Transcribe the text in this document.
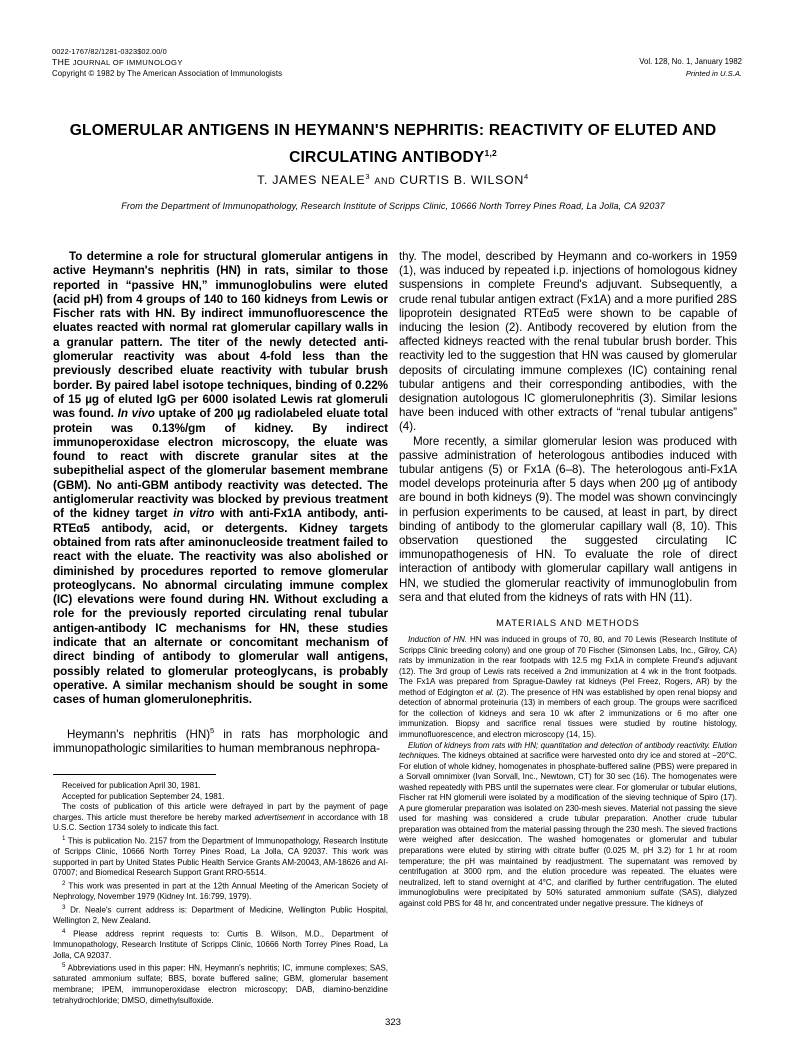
0022-1767/82/1281-0323$02.00/0
THE JOURNAL OF IMMUNOLOGY
Copyright © 1982 by The American Association of Immunologists
Vol. 128, No. 1, January 1982
Printed in U.S.A.
GLOMERULAR ANTIGENS IN HEYMANN'S NEPHRITIS: REACTIVITY OF ELUTED AND
CIRCULATING ANTIBODY$^{1,2}$
T. JAMES NEALE$^3$ AND CURTIS B. WILSON$^4$
From the Department of Immunopathology, Research Institute of Scripps Clinic, 10666 North Torrey Pines Road, La Jolla, CA 92037
To determine a role for structural glomerular antigens in active Heymann's nephritis (HN) in rats, similar to those reported in “passive HN,” immunoglobulins were eluted (acid pH) from 4 groups of 140 to 160 kidneys from Lewis or Fischer rats with HN. By indirect immunofluorescence the eluates reacted with normal rat glomerular capillary walls in a granular pattern. The titer of the newly detected anti-glomerular reactivity was about 4-fold less than the previously described eluate reactivity with tubular brush border. By paired label isotope techniques, binding of 0.22% of 15 µg of eluted IgG per 6000 isolated Lewis rat glomeruli was found. In vivo uptake of 200 µg radiolabeled eluate total protein was 0.13%/gm of kidney. By indirect immunoperoxidase electron microscopy, the eluate was found to react with discrete granular sites at the subepithelial aspect of the glomerular basement membrane (GBM). No anti-GBM antibody reactivity was detected. The antiglomerular reactivity was blocked by previous treatment of the kidney target in vitro with anti-Fx1A antibody, anti-RTEα5 antibody, acid, or detergents. Kidney targets obtained from rats after aminonucleoside treatment failed to react with the eluate. The reactivity was also abolished or diminished by procedures reported to remove glomerular proteoglycans. No abnormal circulating immune complex (IC) elevations were found during HN. Without excluding a role for the previously reported circulating renal tubular antigen-antibody IC mechanisms for HN, these studies indicate that an alternate or concomitant mechanism of direct binding of antibody to glomerular wall antigens, possibly related to glomerular proteoglycans, is probably operative. A similar mechanism should be sought in some cases of human glomerulonephritis.

Heymann's nephritis (HN)$^5$ in rats has morphologic and immunopathologic similarities to human membranous nephropa-

Received for publication April 30, 1981.

Accepted for publication September 24, 1981.

The costs of publication of this article were defrayed in part by the payment of page charges. This article must therefore be hereby marked advertisement in accordance with 18 U.S.C. Section 1734 solely to indicate this fact.

$^1$ This is publication No. 2157 from the Department of Immunopathology, Research Institute of Scripps Clinic, 10666 North Torrey Pines Road, La Jolla, CA 92037. This work was supported in part by United States Public Health Service Grants AM-20043, AM-18626 and AI-07007; and Biomedical Research Support Grant RRO-5514.

$^2$ This work was presented in part at the 12th Annual Meeting of the American Society of Nephrology, November 1979 (Kidney Int. 16:799, 1979).

$^3$ Dr. Neale's current address is: Department of Medicine, Wellington Public Hospital, Wellington 2, New Zealand.

$^4$ Please address reprint requests to: Curtis B. Wilson, M.D., Department of Immunopathology, Research Institute of Scripps Clinic, 10666 North Torrey Pines Road, La Jolla, CA 92037.

$^5$ Abbreviations used in this paper: HN, Heymann's nephritis; IC, immune complexes; SAS, saturated ammonium sulfate; BBS, borate buffered saline; GBM, glomerular basement membrane; IPEM, immunoperoxidase electron microscopy; DAB, diamino-benzidine tetrahydrochloride; DMSO, dimethylsulfoxide.

thy. The model, described by Heymann and co-workers in 1959 (1), was induced by repeated i.p. injections of homologous kidney suspensions in complete Freund's adjuvant. Subsequently, a crude renal tubular antigen extract (Fx1A) and a more purified 28S lipoprotein designated RTEα5 were shown to be capable of inducing the lesion (2). Antibody recovered by elution from the affected kidneys reacted with the renal tubular brush border. This reactivity led to the suggestion that HN was caused by glomerular deposits of circulating immune complexes (IC) containing renal tubular antigens and their corresponding antibodies, with the designation autologous IC glomerulonephritis (3). Similar lesions have been induced with other extracts of “renal tubular antigens” (4).

More recently, a similar glomerular lesion was produced with passive administration of heterologous antibodies induced with tubular antigens (5) or Fx1A (6–8). The heterologous anti-Fx1A model develops proteinuria after 5 days when 200 µg of antibody are bound in both kidneys (9). The model was shown convincingly in perfusion experiments to be caused, at least in part, by direct binding of antibody to the glomerular capillary wall (8, 10). This observation questioned the suggested circulating IC immunopathogenesis of HN. To evaluate the role of direct interaction of antibody with glomerular capillary wall antigens in HN, we studied the glomerular reactivity of immunoglobulin from sera and that eluted from the kidneys of rats with HN (11).

MATERIALS AND METHODS

Induction of HN. HN was induced in groups of 70, 80, and 70 Lewis (Research Institute of Scripps Clinic breeding colony) and one group of 70 Fischer (Simonsen Labs, Inc., Gilroy, CA) rats by immunization in the rear footpads with 12.5 mg Fx1A in complete Freund's adjuvant (12). The 3rd group of Lewis rats received a 2nd immunization at 4 wk in the front footpads. The Fx1A was prepared from Sprague-Dawley rat kidneys (Pel Freez, Rogers, AR) by the method of Edgington et al. (2). The presence of HN was established by open renal biopsy and detection of abnormal proteinuria (13) in members of each group. The groups were sacrificed for the collection of kidneys and sera 10 wk after 2 immunizations or 6 mo after one immunization. Biopsy and sacrifice renal tissues were studied by routine histology, immunofluorescence, and electron microscopy (14, 15).

Elution of kidneys from rats with HN; quantitation and detection of antibody reactivity. Elution techniques. The kidneys obtained at sacrifice were harvested onto dry ice and stored at −20°C. For elution of whole kidney, homogenates in phosphate-buffered saline (PBS) were prepared in a Sorvall omnimixer (Ivan Sorvall, Inc., Newtown, CT) for 30 sec (16). The homogenates were washed repeatedly with PBS until the supernates were clear. For glomerular or tubular elutions, Fischer rat HN glomeruli were isolated by a modification of the sieving technique of Spiro (17). A pure glomerular preparation was isolated on 230-mesh sieves. Material not passing the sieve used for mashing was considered a crude tubular preparation. Another crude tubular preparation was obtained from the material passing through the 230 mesh. The sieved fractions were weighed after desiccation. The washed homogenates or glomerular and tubular preparations were eluted by stirring with citrate buffer (0.025 M, pH 3.2) for 1 hr at room temperature; the pH was maintained by readjustment. The supernatant was removed by centrifugation at 3000 rpm, and the elution procedure was repeated. The eluates were neutralized, left to stand overnight at 4°C, and clarified by further centrifugation. The eluted immunoglobulins were precipitated by 50% saturated ammonium sulfate (SAS), dialyzed against cold PBS for 48 hr, and concentrated under negative pressure. The kidneys of

323
